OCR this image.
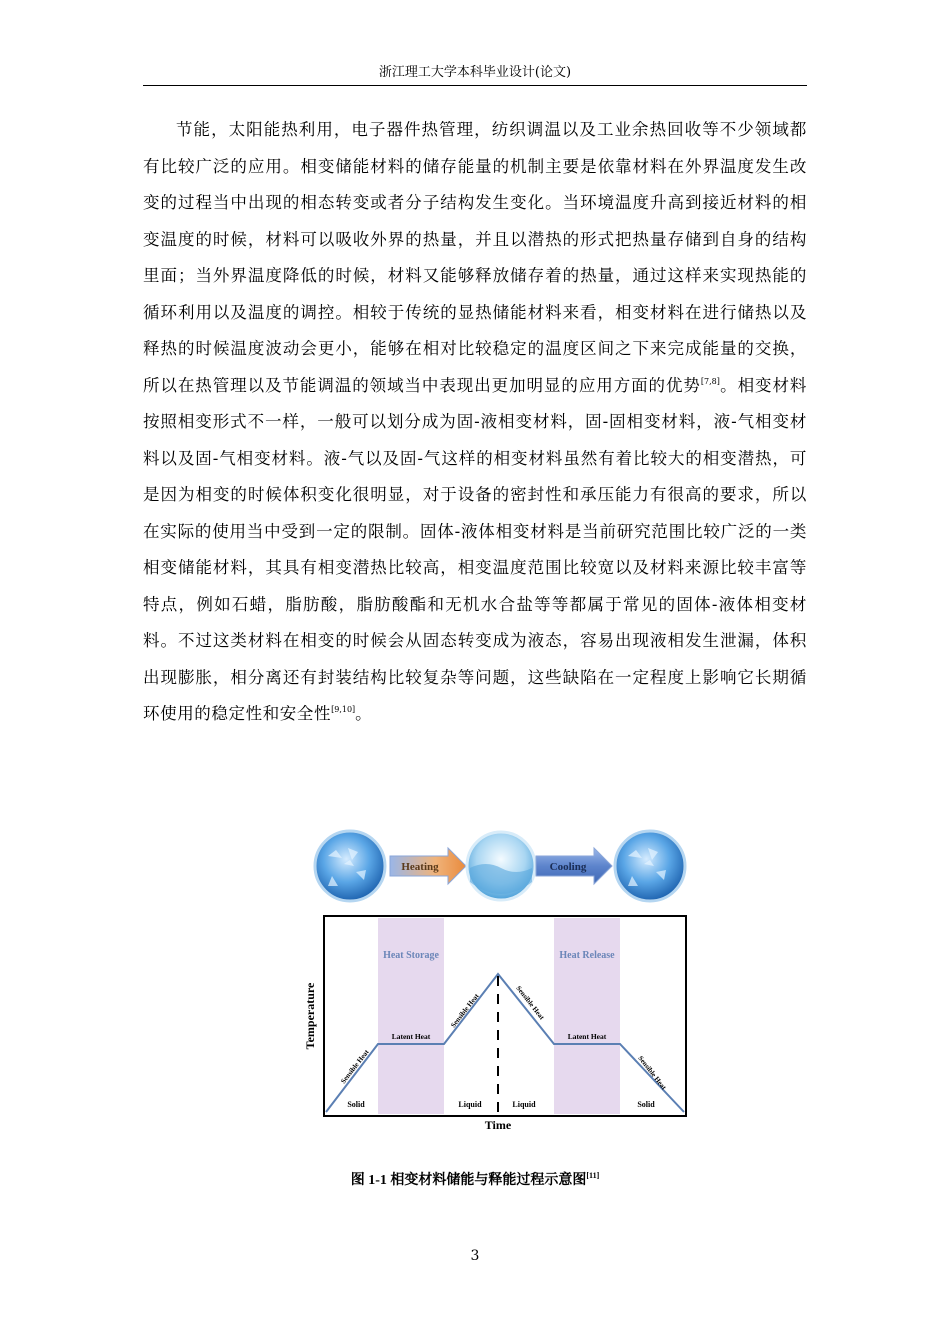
浙江理工大学本科毕业设计(论文)

节能，太阳能热利用，电子器件热管理，纺织调温以及工业余热回收等不少领域都有比较广泛的应用。相变储能材料的储存能量的机制主要是依靠材料在外界温度发生改变的过程当中出现的相态转变或者分子结构发生变化。当环境温度升高到接近材料的相变温度的时候，材料可以吸收外界的热量，并且以潜热的形式把热量存储到自身的结构里面；当外界温度降低的时候，材料又能够释放储存着的热量，通过这样来实现热能的循环利用以及温度的调控。相较于传统的显热储能材料来看，相变材料在进行储热以及释热的时候温度波动会更小，能够在相对比较稳定的温度区间之下来完成能量的交换，所以在热管理以及节能调温的领域当中表现出更加明显的应用方面的优势[7,8]。相变材料按照相变形式不一样，一般可以划分成为固-液相变材料，固-固相变材料，液-气相变材料以及固-气相变材料。液-气以及固-气这样的相变材料虽然有着比较大的相变潜热，可是因为相变的时候体积变化很明显，对于设备的密封性和承压能力有很高的要求，所以在实际的使用当中受到一定的限制。固体-液体相变材料是当前研究范围比较广泛的一类相变储能材料，其具有相变潜热比较高，相变温度范围比较宽以及材料来源比较丰富等特点，例如石蜡，脂肪酸，脂肪酸酯和无机水合盐等等都属于常见的固体-液体相变材料。不过这类材料在相变的时候会从固态转变成为液态，容易出现液相发生泄漏，体积出现膨胀，相分离还有封装结构比较复杂等问题，这些缺陷在一定程度上影响它长期循环使用的稳定性和安全性[9,10]。

Heating	Cooling
Heat Storage	Heat Release
Sensible Heat
Latent Heat
Sensible Heat	Sensible Heat
Latent Heat
Sensible Heat
Solid	Liquid	Liquid	Solid
Temperature
Time
图 1-1 相变材料储能与释能过程示意图[11]
3
